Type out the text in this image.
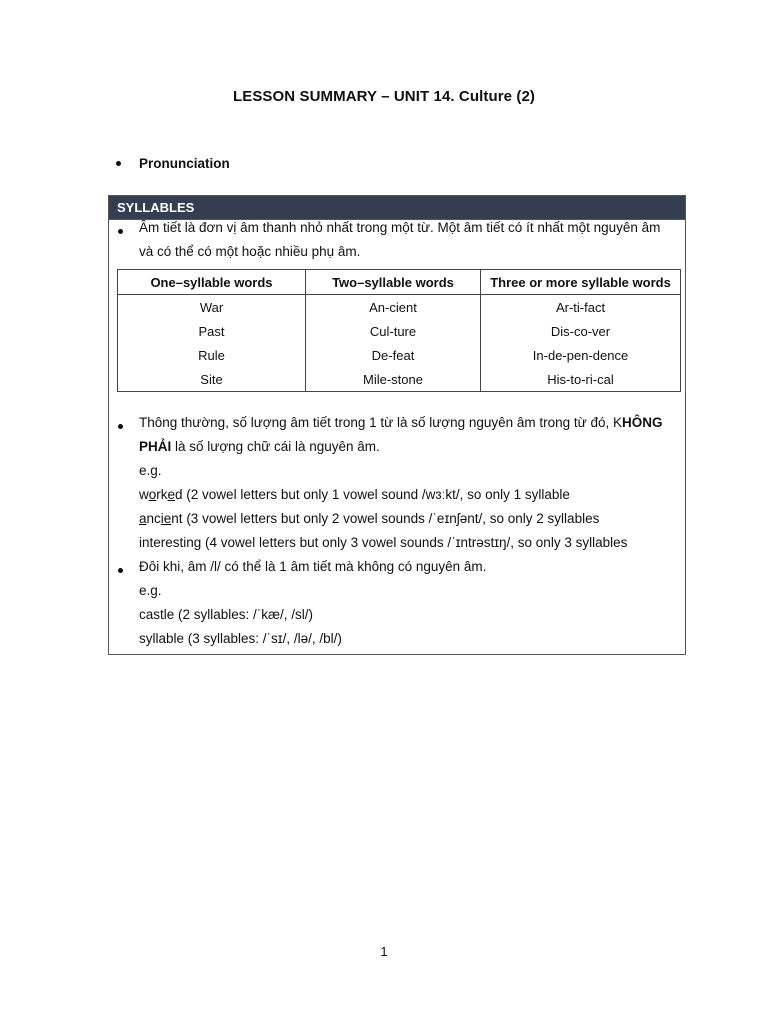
LESSON SUMMARY – UNIT 14. Culture (2)
Pronunciation
SYLLABLES
Âm tiết là đơn vị âm thanh nhỏ nhất trong một từ. Một âm tiết có ít nhất một nguyên âm
và có thể có một hoặc nhiều phụ âm.
One–syllable words	Two–syllable words	Three or more syllable words
War	An-cient	Ar-ti-fact
Past	Cul-ture	Dis-co-ver
Rule	De-feat	In-de-pen-dence
Site	Mile-stone	His-to-ri-cal
Thông thường, số lượng âm tiết trong 1 từ là số lượng nguyên âm trong từ đó, KHÔNG
PHẢI là số lượng chữ cái là nguyên âm.
e.g.
worked (2 vowel letters but only 1 vowel sound /wɜːkt/, so only 1 syllable
ancient (3 vowel letters but only 2 vowel sounds /ˈeɪnʃənt/, so only 2 syllables
interesting (4 vowel letters but only 3 vowel sounds /ˈɪntrəstɪŋ/, so only 3 syllables
Đôi khi, âm /l/ có thể là 1 âm tiết mà không có nguyên âm.
e.g.
castle (2 syllables: /ˈkæ/, /sl/)
syllable (3 syllables: /ˈsɪ/, /lə/, /bl/)
1
